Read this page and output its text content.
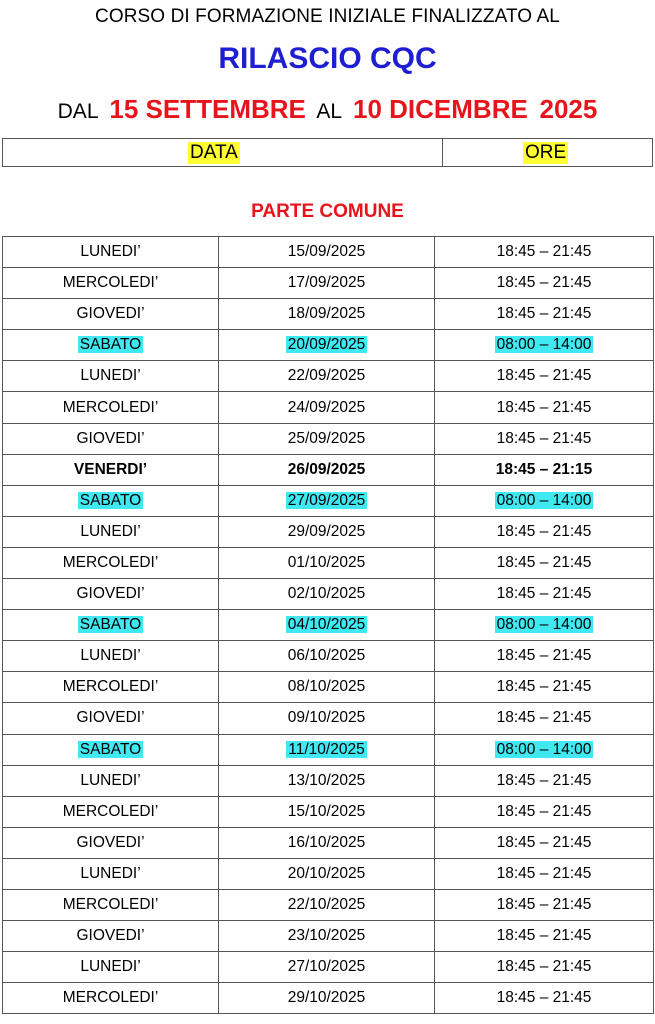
CORSO DI FORMAZIONE INIZIALE FINALIZZATO AL
RILASCIO CQC
DAL 15 SETTEMBRE AL 10 DICEMBRE 2025
DATA	ORE
PARTE COMUNE
LUNEDI’	15/09/2025	18:45 – 21:45
MERCOLEDI’	17/09/2025	18:45 – 21:45
GIOVEDI’	18/09/2025	18:45 – 21:45
SABATO	20/09/2025	08:00 – 14:00
LUNEDI’	22/09/2025	18:45 – 21:45
MERCOLEDI’	24/09/2025	18:45 – 21:45
GIOVEDI’	25/09/2025	18:45 – 21:45
VENERDI’	26/09/2025	18:45 – 21:15
SABATO	27/09/2025	08:00 – 14:00
LUNEDI’	29/09/2025	18:45 – 21:45
MERCOLEDI’	01/10/2025	18:45 – 21:45
GIOVEDI’	02/10/2025	18:45 – 21:45
SABATO	04/10/2025	08:00 – 14:00
LUNEDI’	06/10/2025	18:45 – 21:45
MERCOLEDI’	08/10/2025	18:45 – 21:45
GIOVEDI’	09/10/2025	18:45 – 21:45
SABATO	11/10/2025	08:00 – 14:00
LUNEDI’	13/10/2025	18:45 – 21:45
MERCOLEDI’	15/10/2025	18:45 – 21:45
GIOVEDI’	16/10/2025	18:45 – 21:45
LUNEDI’	20/10/2025	18:45 – 21:45
MERCOLEDI’	22/10/2025	18:45 – 21:45
GIOVEDI’	23/10/2025	18:45 – 21:45
LUNEDI’	27/10/2025	18:45 – 21:45
MERCOLEDI’	29/10/2025	18:45 – 21:45
